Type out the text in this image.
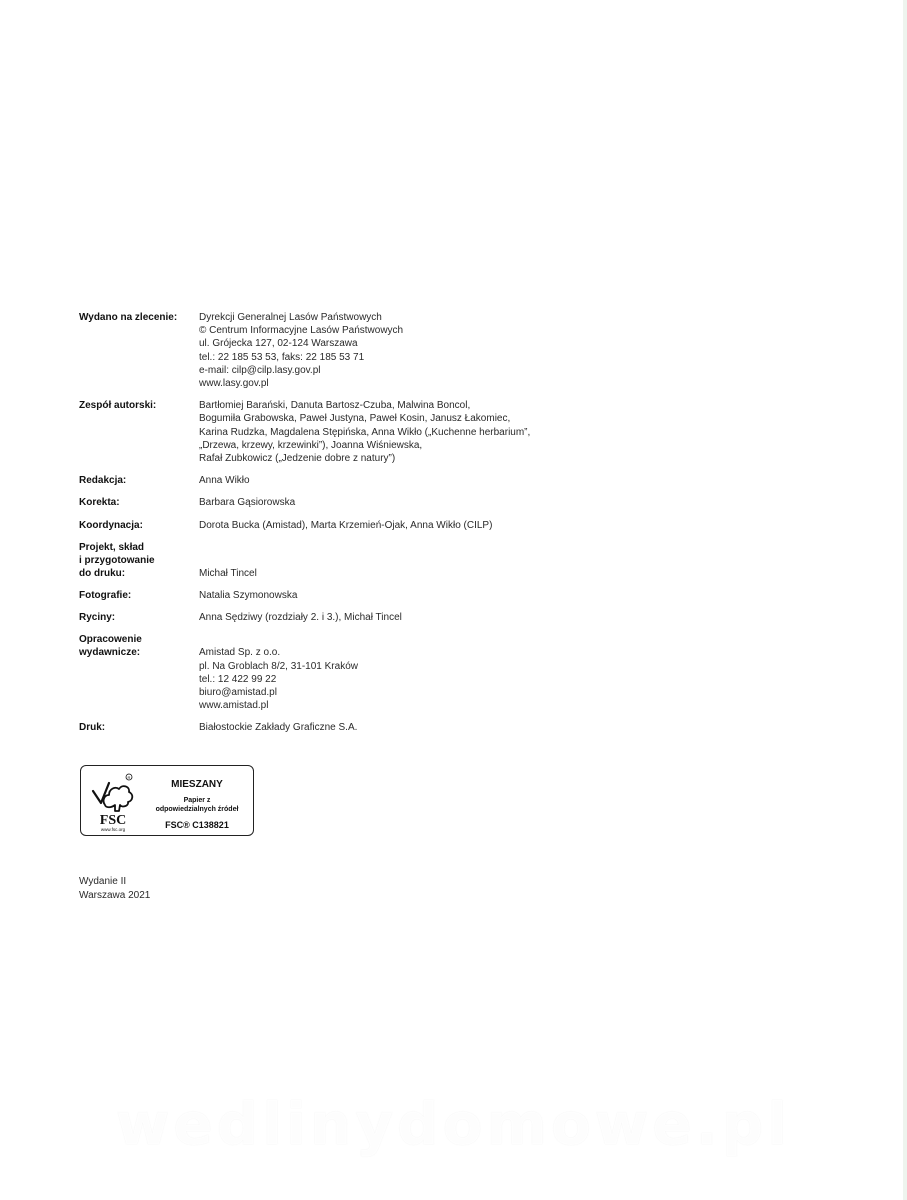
Wydano na zlecenie:	Dyrekcji Generalnej Lasów Państwowych
© Centrum Informacyjne Lasów Państwowych
ul. Grójecka 127, 02-124 Warszawa
tel.: 22 185 53 53, faks: 22 185 53 71
e-mail: cilp@cilp.lasy.gov.pl
www.lasy.gov.pl
Zespół autorski:	Bartłomiej Barański, Danuta Bartosz-Czuba, Malwina Boncol,
Bogumiła Grabowska, Paweł Justyna, Paweł Kosin, Janusz Łakomiec,
Karina Rudzka, Magdalena Stępińska, Anna Wikło („Kuchenne herbarium”,
„Drzewa, krzewy, krzewinki”), Joanna Wiśniewska,
Rafał Zubkowicz („Jedzenie dobre z natury”)
Redakcja:	Anna Wikło
Korekta:	Barbara Gąsiorowska
Koordynacja:	Dorota Bucka (Amistad), Marta Krzemień-Ojak, Anna Wikło (CILP)
Projekt, skład
i przygotowanie
do druku:	Michał Tincel
Fotografie:	Natalia Szymonowska
Ryciny:	Anna Sędziwy (rozdziały 2. i 3.), Michał Tincel
Opracowenie
wydawnicze:	Amistad Sp. z o.o.
pl. Na Groblach 8/2, 31-101 Kraków
tel.: 12 422 99 22
biuro@amistad.pl
www.amistad.pl
Druk:	Białostockie Zakłady Graficzne S.A.
R
FSC
www.fsc.org
MIESZANY
Papier z
odpowiedzialnych źródeł
FSC® C138821
Wydanie II
Warszawa 2021
wedlinydomowe.pl
